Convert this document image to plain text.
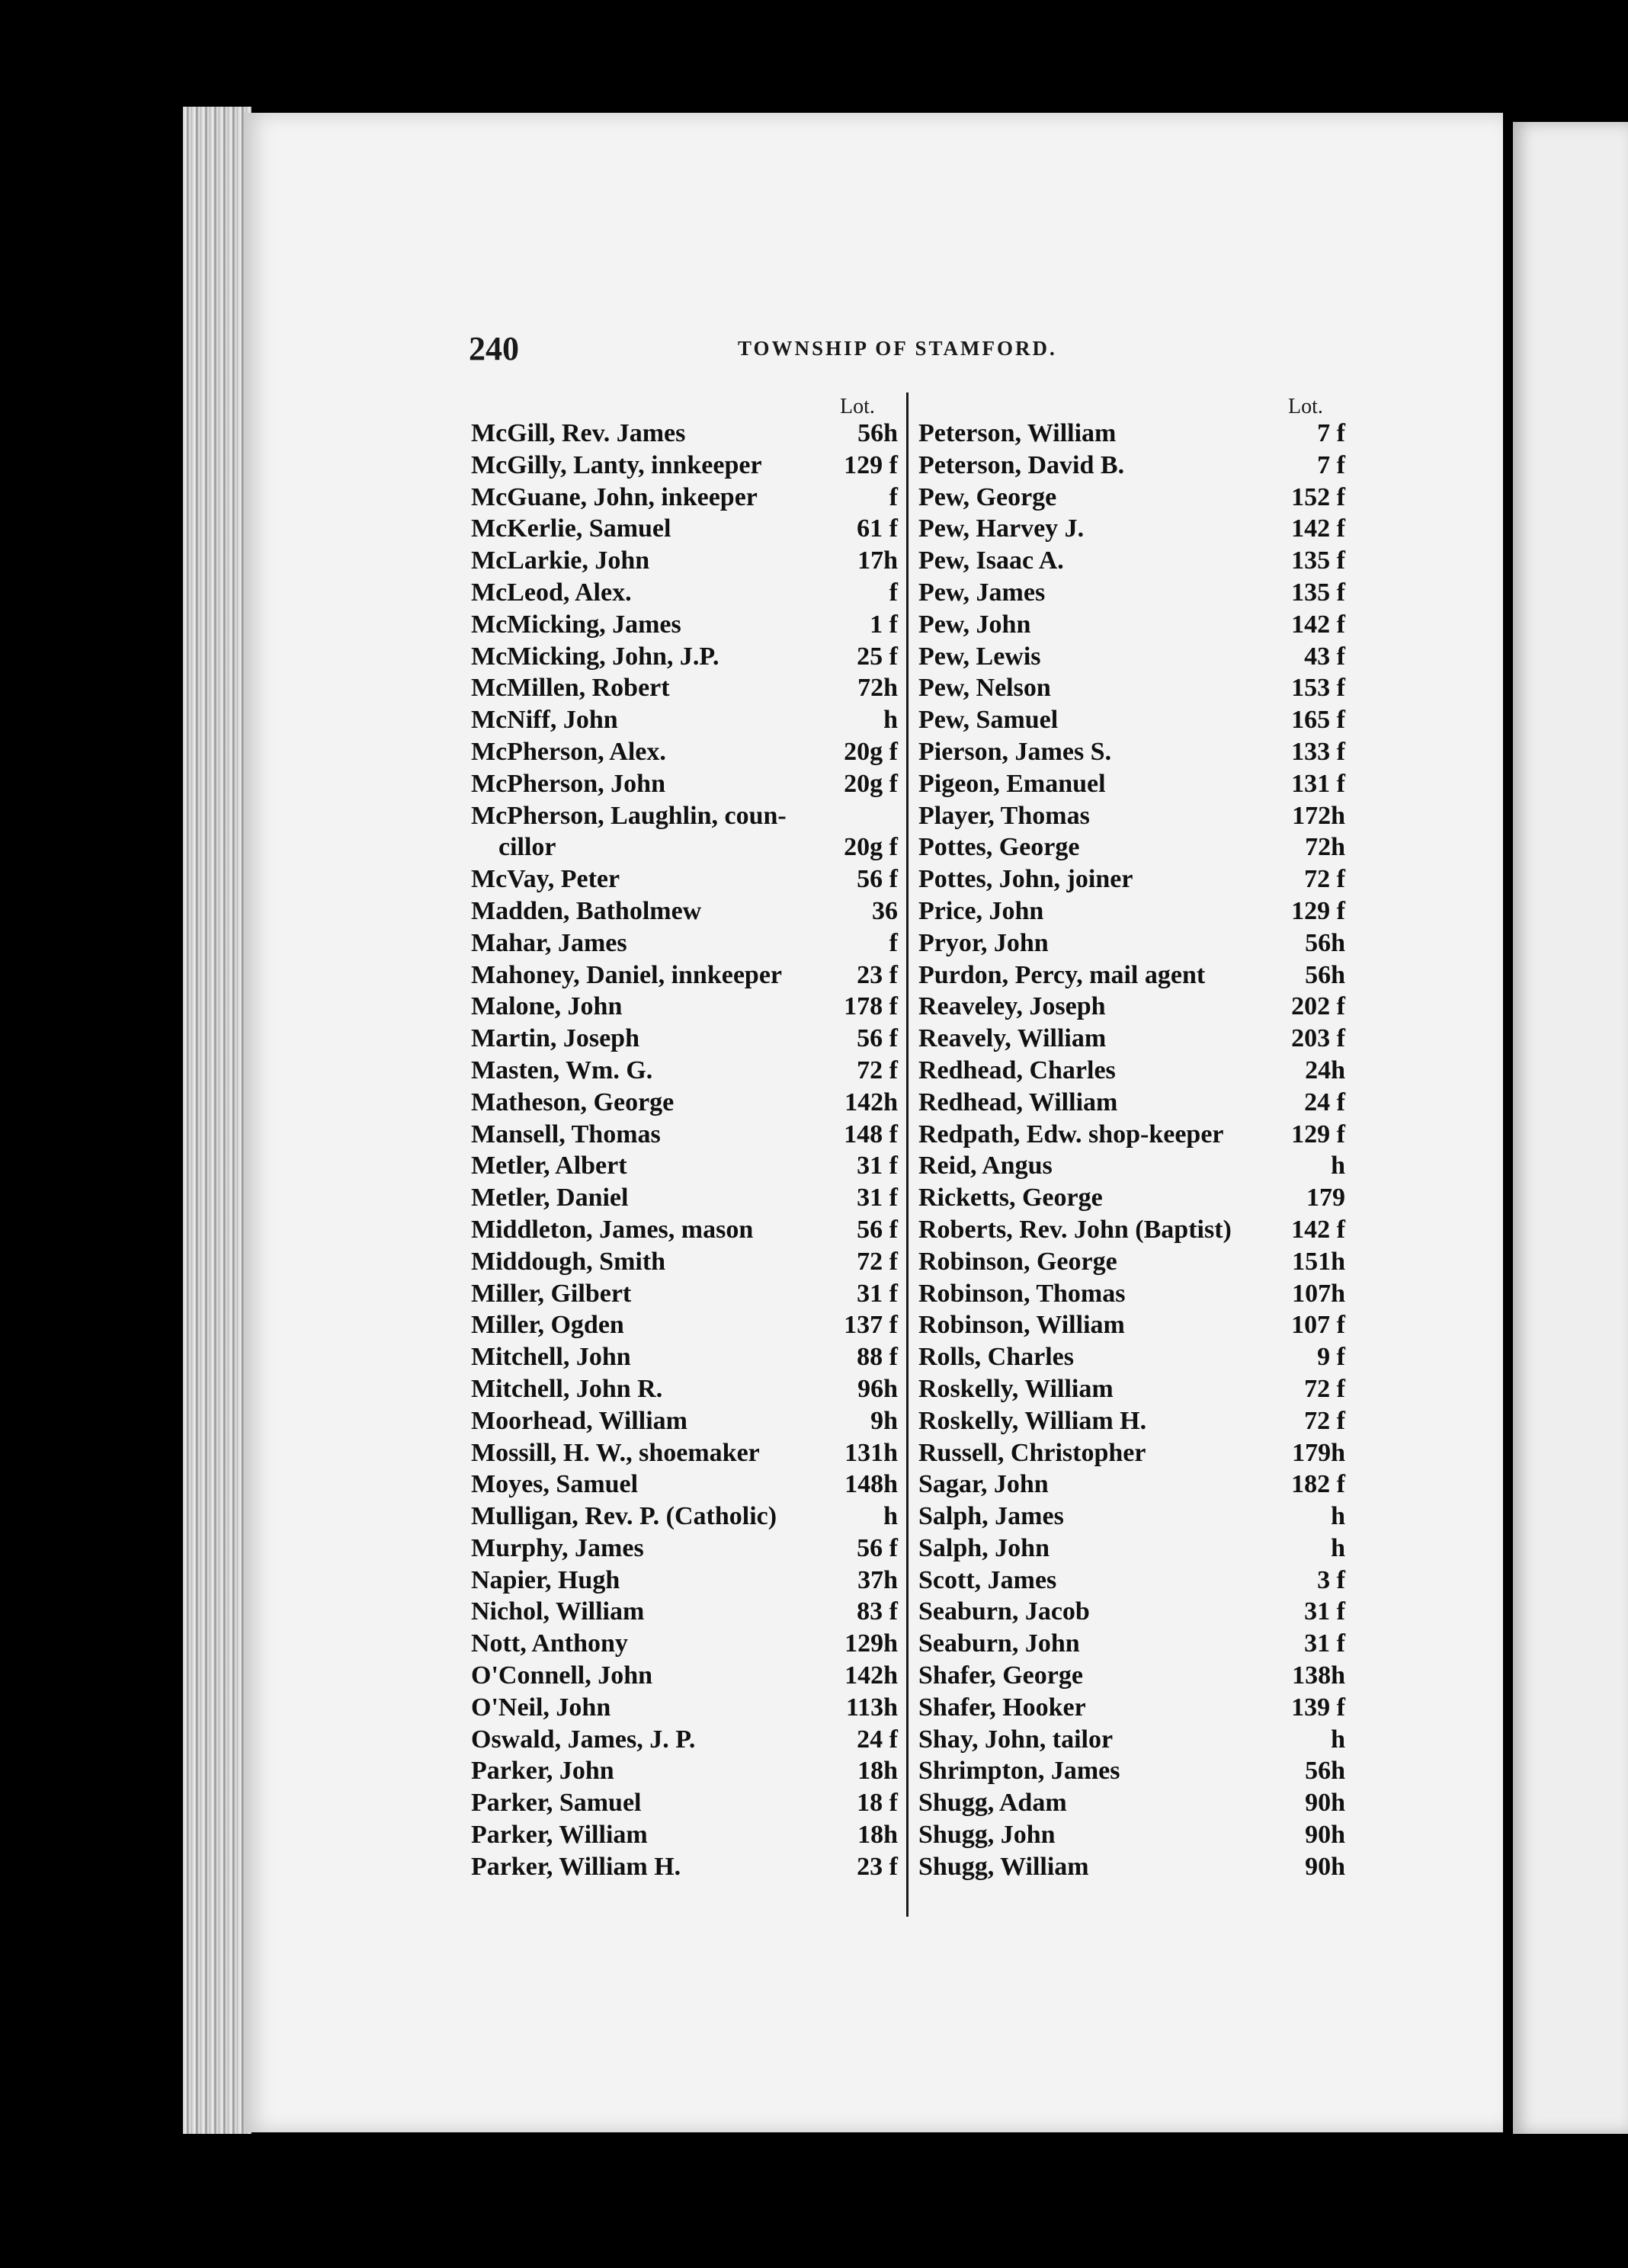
240	TOWNSHIP OF STAMFORD.
Lot.	Lot.
McGill, Rev. James	56h
McGilly, Lanty, innkeeper	129 f
McGuane, John, inkeeper	f
McKerlie, Samuel	61 f
McLarkie, John	17h
McLeod, Alex.	f
McMicking, James	1 f
McMicking, John, J.P.	25 f
McMillen, Robert	72h
McNiff, John	h
McPherson, Alex.	20g f
McPherson, John	20g f
McPherson, Laughlin, coun-
cillor	20g f
McVay, Peter	56 f
Madden, Batholmew	36
Mahar, James	f
Mahoney, Daniel, innkeeper	23 f
Malone, John	178 f
Martin, Joseph	56 f
Masten, Wm. G.	72 f
Matheson, George	142h
Mansell, Thomas	148 f
Metler, Albert	31 f
Metler, Daniel	31 f
Middleton, James, mason	56 f
Middough, Smith	72 f
Miller, Gilbert	31 f
Miller, Ogden	137 f
Mitchell, John	88 f
Mitchell, John R.	96h
Moorhead, William	9h
Mossill, H. W., shoemaker	131h
Moyes, Samuel	148h
Mulligan, Rev. P. (Catholic)	h
Murphy, James	56 f
Napier, Hugh	37h
Nichol, William	83 f
Nott, Anthony	129h
O'Connell, John	142h
O'Neil, John	113h
Oswald, James, J. P.	24 f
Parker, John	18h
Parker, Samuel	18 f
Parker, William	18h
Parker, William H.	23 f
Peterson, William	7 f
Peterson, David B.	7 f
Pew, George	152 f
Pew, Harvey J.	142 f
Pew, Isaac A.	135 f
Pew, James	135 f
Pew, John	142 f
Pew, Lewis	43 f
Pew, Nelson	153 f
Pew, Samuel	165 f
Pierson, James S.	133 f
Pigeon, Emanuel	131 f
Player, Thomas	172h
Pottes, George	72h
Pottes, John, joiner	72 f
Price, John	129 f
Pryor, John	56h
Purdon, Percy, mail agent	56h
Reaveley, Joseph	202 f
Reavely, William	203 f
Redhead, Charles	24h
Redhead, William	24 f
Redpath, Edw. shop-keeper	129 f
Reid, Angus	h
Ricketts, George	179
Roberts, Rev. John (Baptist) 142 f
Robinson, George	151h
Robinson, Thomas	107h
Robinson, William	107 f
Rolls, Charles	9 f
Roskelly, William	72 f
Roskelly, William H.	72 f
Russell, Christopher	179h
Sagar, John	182 f
Salph, James	h
Salph, John	h
Scott, James	3 f
Seaburn, Jacob	31 f
Seaburn, John	31 f
Shafer, George	138h
Shafer, Hooker	139 f
Shay, John, tailor	h
Shrimpton, James	56h
Shugg, Adam	90h
Shugg, John	90h
Shugg, William	90h
